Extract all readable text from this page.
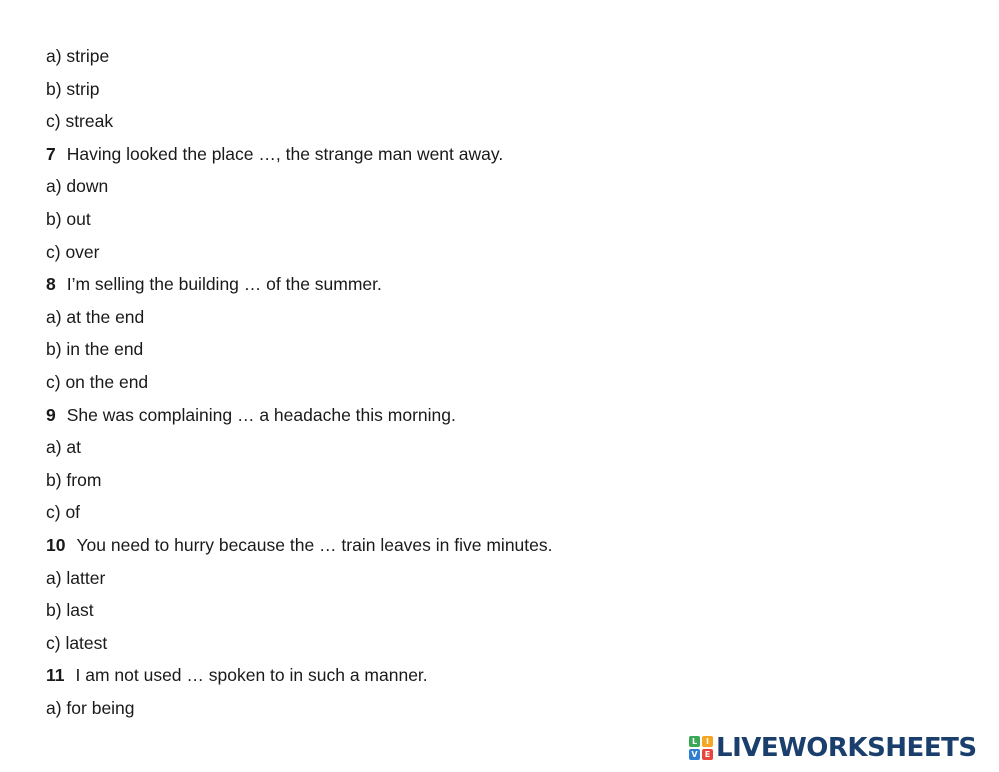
a) stripe
b) strip
c) streak
7 Having looked the place …, the strange man went away.
a) down
b) out
c) over
8 I’m selling the building … of the summer.
a) at the end
b) in the end
c) on the end
9 She was complaining … a headache this morning.
a) at
b) from
c) of
10 You need to hurry because the … train leaves in five minutes.
a) latter
b) last
c) latest
11 I am not used … spoken to in such a manner.
a) for being
L	I
V E LIVEWORKSHEETS
